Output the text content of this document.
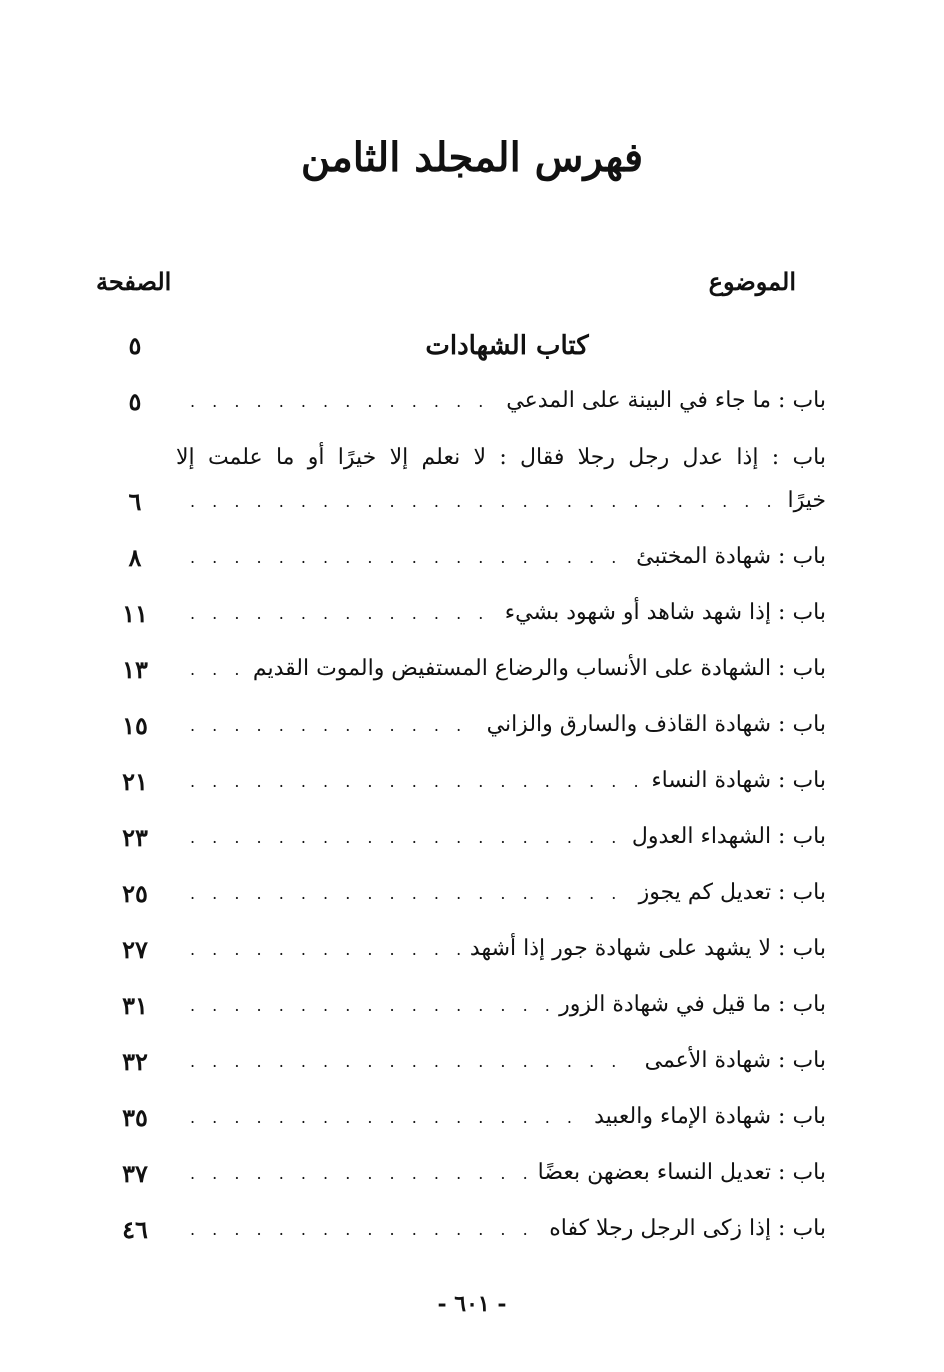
فهرس المجلد الثامن
الموضوع
الصفحة
كتاب الشهادات
٥
باب : ما جاء في البينة على المدعي
. . .
٥
باب : إذا عدل رجل رجلا فقال : لا نعلم إلا خيرًا أو ما علمت إلا
خيرًا
. . .
٦
باب : شهادة المختبئ
. . .
٨
باب : إذا شهد شاهد أو شهود بشيء
. . .
١١
باب : الشهادة على الأنساب والرضاع المستفيض والموت القديم
. . .
١٣
باب : شهادة القاذف والسارق والزاني
. . .
١٥
باب : شهادة النساء
. . .
٢١
باب : الشهداء العدول
. . .
٢٣
باب : تعديل كم يجوز
. . .
٢٥
باب : لا يشهد على شهادة جور إذا أشهد
. . .
٢٧
باب : ما قيل في شهادة الزور
. . .
٣١
باب : شهادة الأعمى
. . .
٣٢
باب : شهادة الإماء والعبيد
. . .
٣٥
باب : تعديل النساء بعضهن بعضًا
. . .
٣٧
باب : إذا زكى الرجل رجلا كفاه
. . .
٤٦
- ٦٠١ -
